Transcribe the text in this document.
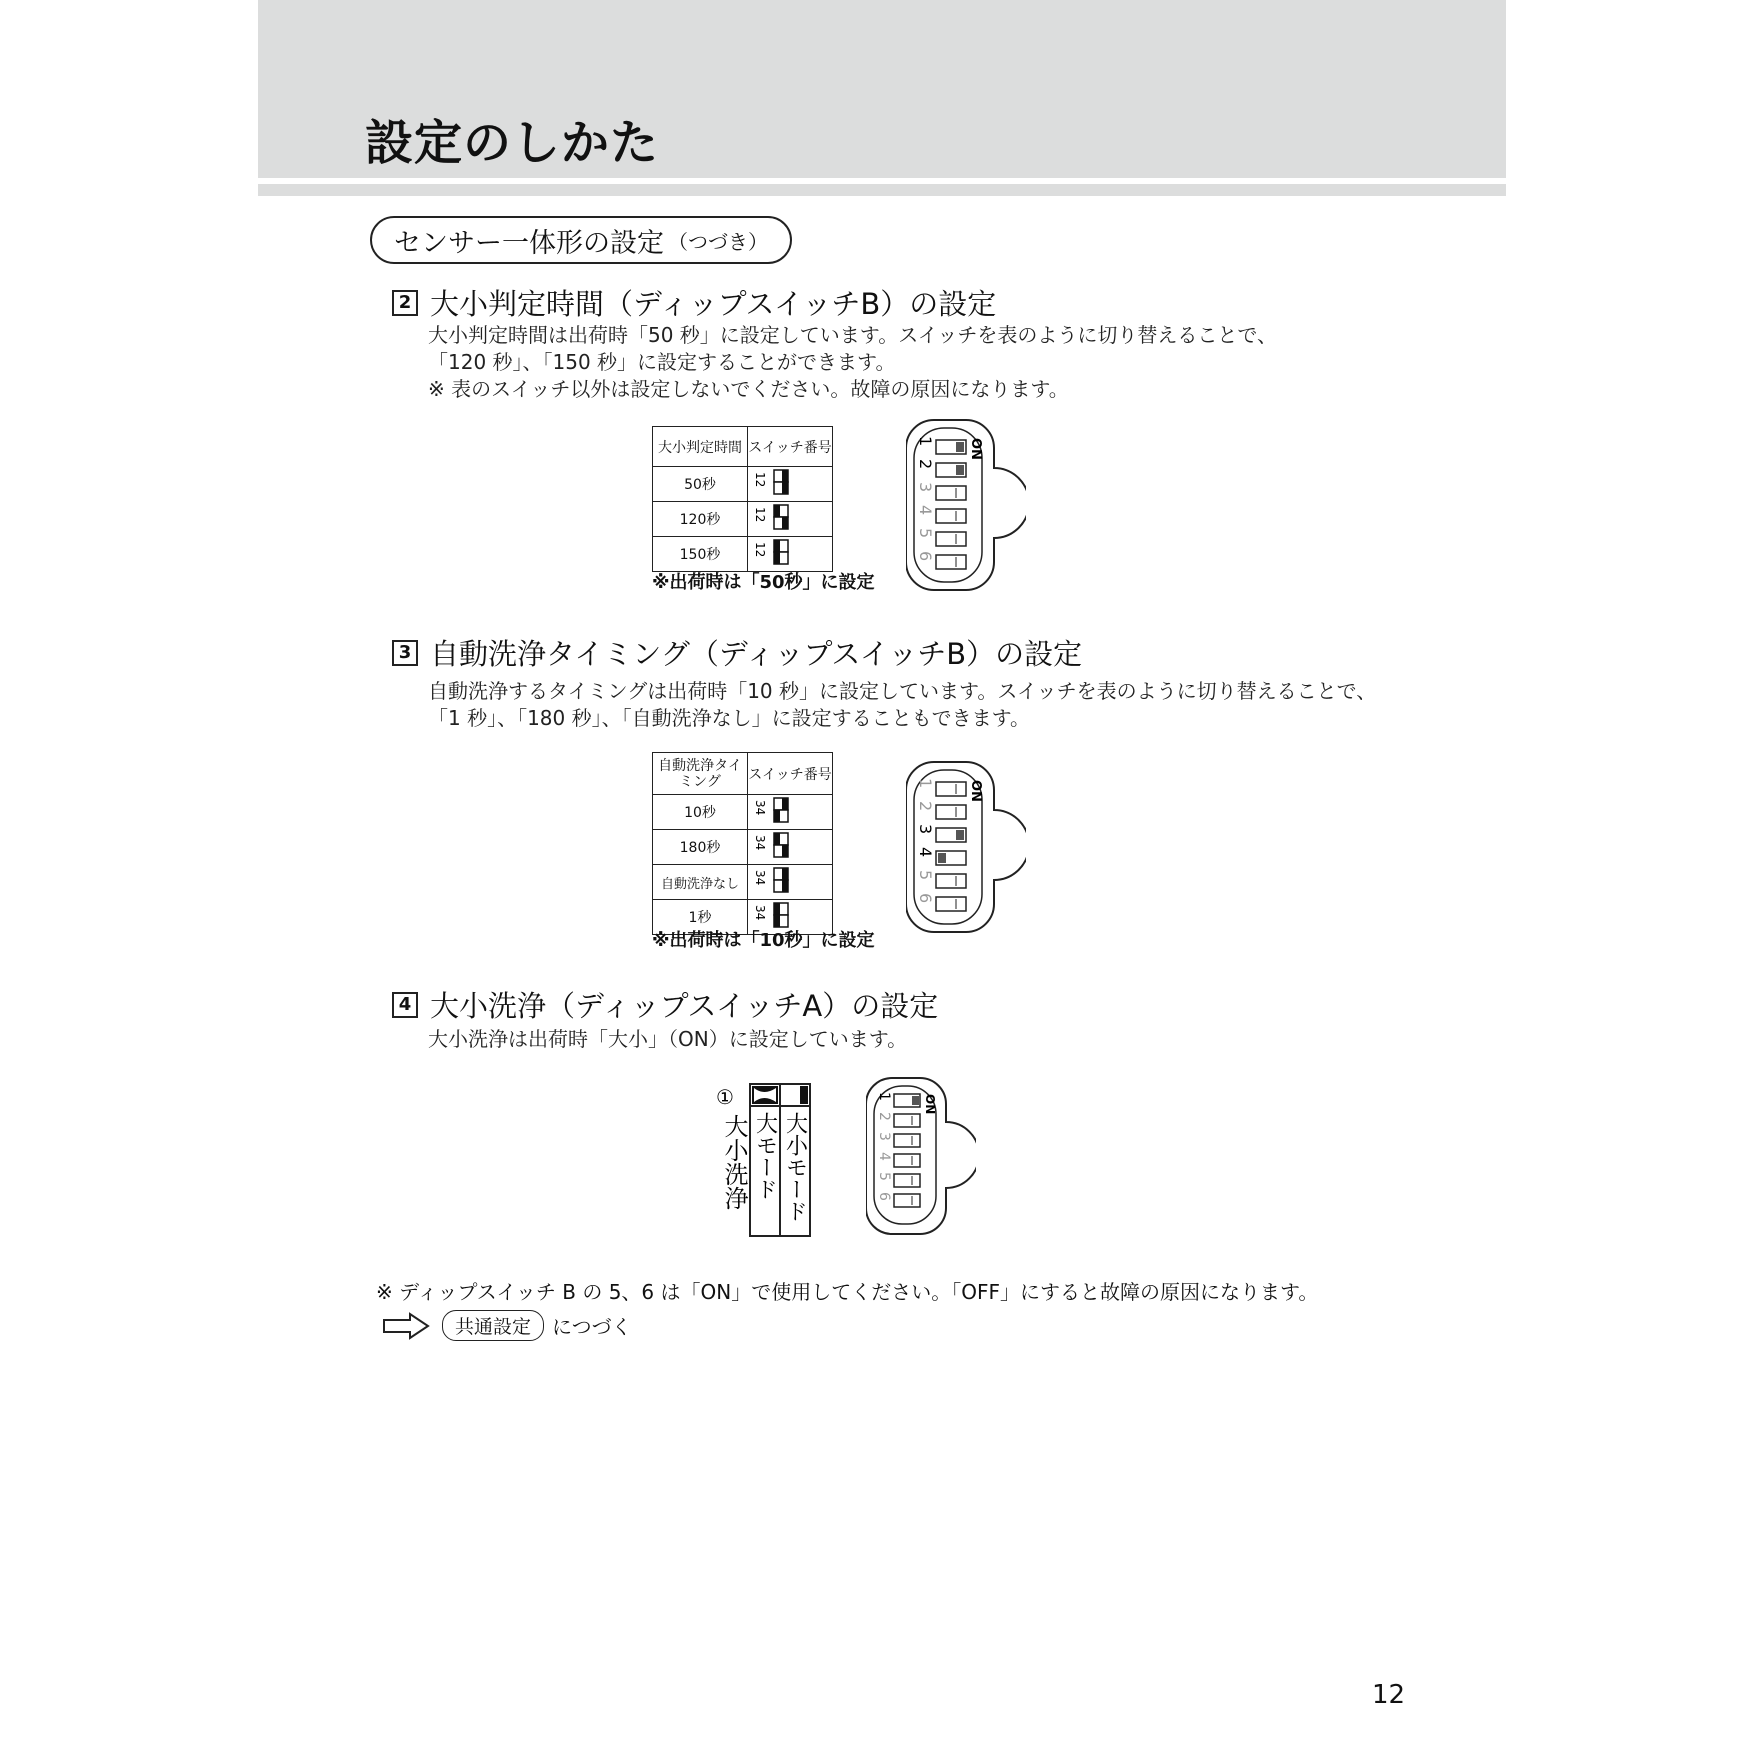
設定のしかた
センサー一体形の設定 （つづき）
2 大小判定時間（ディップスイッチB）の設定
大小判定時間は出荷時「50 秒」に設定しています。スイッチを表のように切り替えることで、
「120 秒」、「150 秒」に設定することができます。
※ 表のスイッチ以外は設定しないでください。故障の原因になります。
大小判定時間	スイッチ番号
50秒	12

120秒	12

150秒	12
※出荷時は「50秒」に設定
ON
1
2
3
4
5
6
3 自動洗浄タイミング（ディップスイッチB）の設定
自動洗浄するタイミングは出荷時「10 秒」に設定しています。スイッチを表のように切り替えることで、
「1 秒」、「180 秒」、「自動洗浄なし」に設定することもできます。
自動洗浄タイミング	スイッチ番号
10秒	34

180秒	34

自動洗浄なし	34

1秒	34
※出荷時は「10秒」に設定
ON
1
2
3
4
5
6
4 大小洗浄（ディップスイッチA）の設定
大小洗浄は出荷時「大小」（ON）に設定しています。
①
大小洗浄 大モード 大小モード
ON
1
2
3
4
5
6
※ ディップスイッチ B の 5、6 は「ON」で使用してください。「OFF」にすると故障の原因になります。
共通設定	につづく
12
